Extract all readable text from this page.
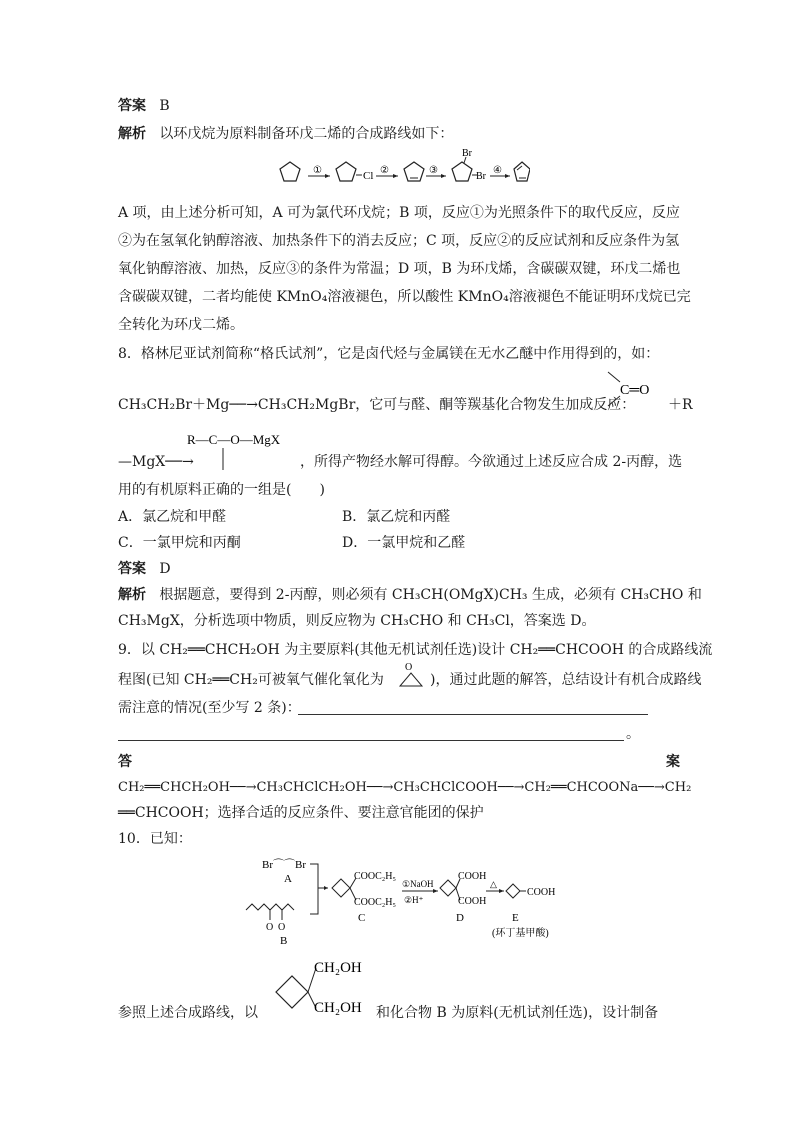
答案 B
解析 以环戊烷为原料制备环戊二烯的合成路线如下：
①	Cl ②	③
Br
Br
④
A 项，由上述分析可知，A 可为氯代环戊烷；B 项，反应①为光照条件下的取代反应，反应
②为在氢氧化钠醇溶液、加热条件下的消去反应；C 项，反应②的反应试剂和反应条件为氢
氧化钠醇溶液、加热，反应③的条件为常温；D 项，B 为环戊烯，含碳碳双键，环戊二烯也
含碳碳双键，二者均能使 KMnO₄溶液褪色，所以酸性 KMnO₄溶液褪色不能证明环戊烷已完
全转化为环戊二烯。
8．格林尼亚试剂简称“格氏试剂”，它是卤代烃与金属镁在无水乙醚中作用得到的，如：
C═O
CH₃CH₂Br＋Mg──→CH₃CH₂MgBr，它可与醛、酮等羰基化合物发生加成反应： ＋R
R—C—O—MgX
—MgX──→	，所得产物经水解可得醇。今欲通过上述反应合成 2-丙醇，选
用的有机原料正确的一组是(　　)
A．氯乙烷和甲醛	B．氯乙烷和丙醛
C．一氯甲烷和丙酮	D．一氯甲烷和乙醛
答案 D
解析 根据题意，要得到 2-丙醇，则必须有 CH₃CH(OMgX)CH₃ 生成，必须有 CH₃CHO 和
CH₃MgX，分析选项中物质，则反应物为 CH₃CHO 和 CH₃Cl，答案选 D。
9．以 CH₂══CHCH₂OH 为主要原料(其他无机试剂任选)设计 CH₂══CHCOOH 的合成路线流
程图(已知 CH₂══CH₂可被氧气催化氧化为
O
)，通过此题的解答，总结设计有机合成路线
需注意的情况(至少写 2 条)：
。
答	案
CH₂══CHCH₂OH──→CH₃CHClCH₂OH──→CH₃CHClCOOH──→CH₂══CHCOONa──→CH₂
══CHCOOH；选择合适的反应条件、要注意官能团的保护
10．已知：
Br⌒⌒Br
A
O O
B
COOC₂H₅
COOC₂H₅
C
①NaOH
②H⁺
COOH
COOH
D
△
COOH
E
(环丁基甲酸)
CH₂OH
CH₂OH
参照上述合成路线，以	和化合物 B 为原料(无机试剂任选)，设计制备
